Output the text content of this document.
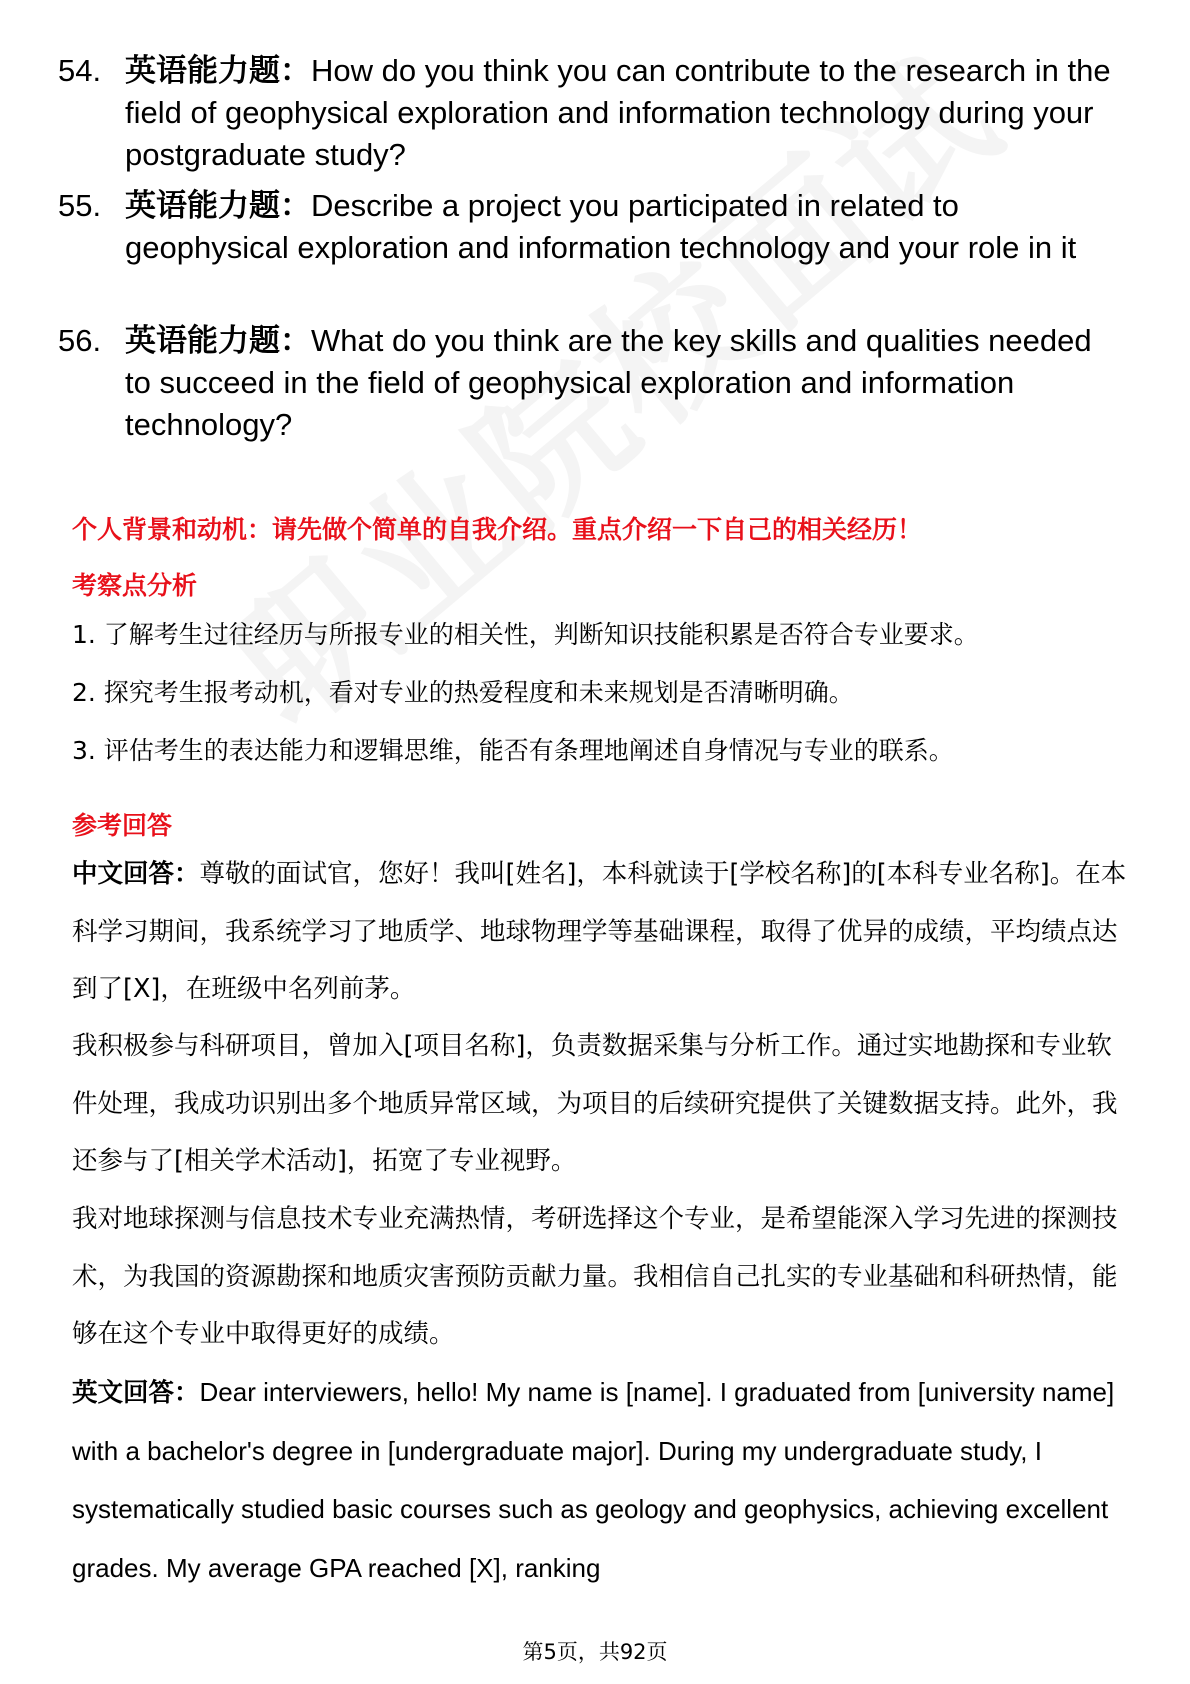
54. 英语能力题：How do you think you can contribute to the research in the field of geophysical exploration and information technology during your postgraduate study?
55. 英语能力题：Describe a project you participated in related to geophysical exploration and information technology and your role in it
56. 英语能力题：What do you think are the key skills and qualities needed to succeed in the field of geophysical exploration and information technology?
个人背景和动机：请先做个简单的自我介绍。重点介绍一下自己的相关经历！
考察点分析
1. 了解考生过往经历与所报专业的相关性，判断知识技能积累是否符合专业要求。
2. 探究考生报考动机，看对专业的热爱程度和未来规划是否清晰明确。
3. 评估考生的表达能力和逻辑思维，能否有条理地阐述自身情况与专业的联系。
参考回答
中文回答：尊敬的面试官，您好！我叫[姓名]，本科就读于[学校名称]的[本科专业名称]。在本科学习期间，我系统学习了地质学、地球物理学等基础课程，取得了优异的成绩，平均绩点达到了[X]，在班级中名列前茅。
我积极参与科研项目，曾加入[项目名称]，负责数据采集与分析工作。通过实地勘探和专业软件处理，我成功识别出多个地质异常区域，为项目的后续研究提供了关键数据支持。此外，我还参与了[相关学术活动]，拓宽了专业视野。
我对地球探测与信息技术专业充满热情，考研选择这个专业，是希望能深入学习先进的探测技术，为我国的资源勘探和地质灾害预防贡献力量。我相信自己扎实的专业基础和科研热情，能够在这个专业中取得更好的成绩。
英文回答：Dear interviewers, hello! My name is [name]. I graduated from [university name] with a bachelor's degree in [undergraduate major]. During my undergraduate study, I systematically studied basic courses such as geology and geophysics, achieving excellent grades. My average GPA reached [X], ranking
第5页，共92页
